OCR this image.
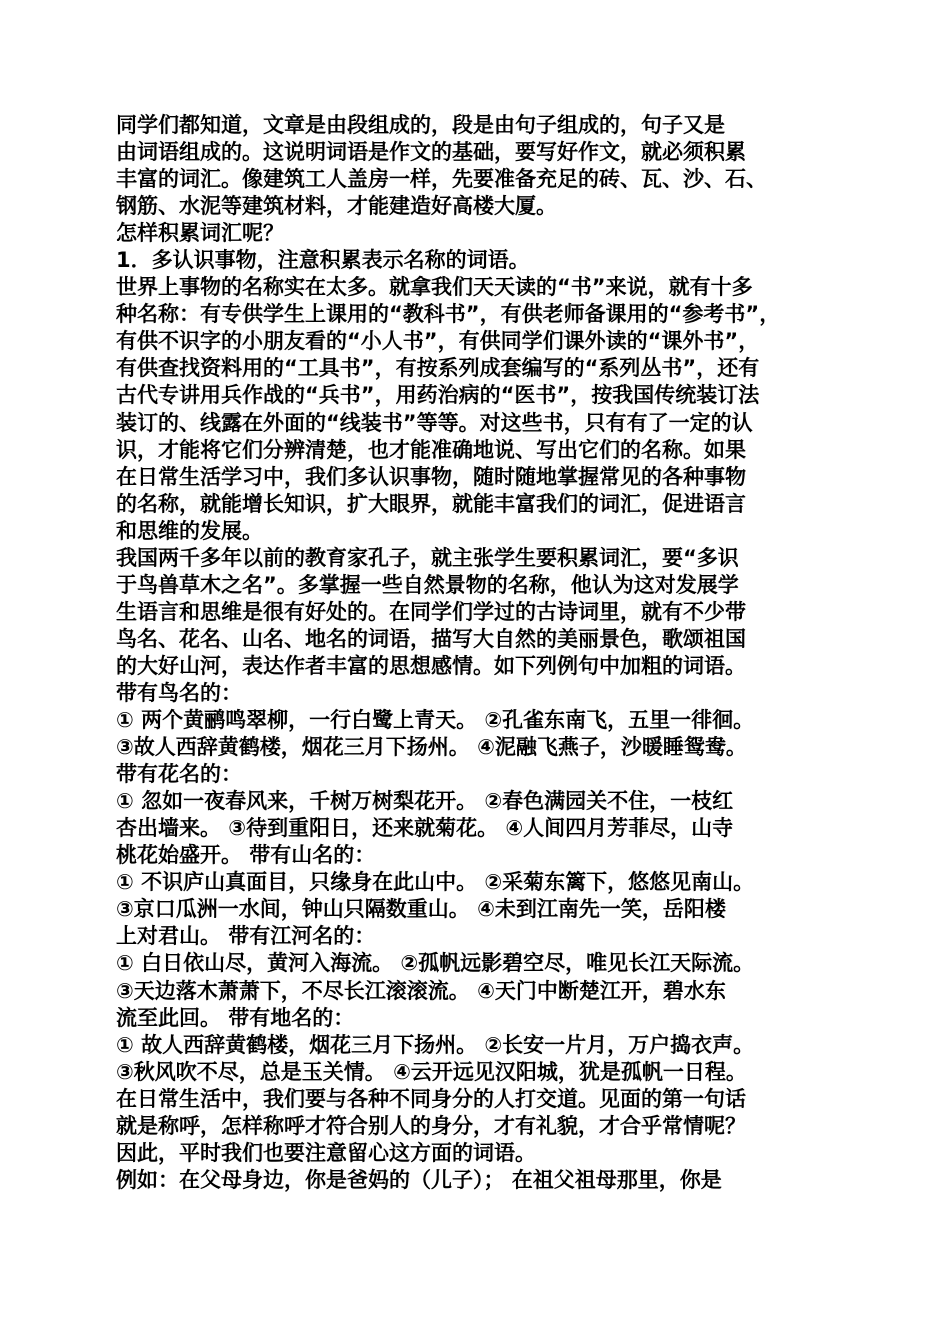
同学们都知道，文章是由段组成的，段是由句子组成的，句子又是
由词语组成的。这说明词语是作文的基础，要写好作文，就必须积累
丰富的词汇。像建筑工人盖房一样，先要准备充足的砖、瓦、沙、石、
钢筋、水泥等建筑材料，才能建造好高楼大厦。
怎样积累词汇呢？
1．多认识事物，注意积累表示名称的词语。
世界上事物的名称实在太多。就拿我们天天读的“书”来说，就有十多
种名称：有专供学生上课用的“教科书”，有供老师备课用的“参考书”，
有供不识字的小朋友看的“小人书”，有供同学们课外读的“课外书”，
有供查找资料用的“工具书”，有按系列成套编写的“系列丛书”，还有
古代专讲用兵作战的“兵书”，用药治病的“医书”，按我国传统装订法
装订的、线露在外面的“线装书”等等。对这些书，只有有了一定的认
识，才能将它们分辨清楚，也才能准确地说、写出它们的名称。如果
在日常生活学习中，我们多认识事物，随时随地掌握常见的各种事物
的名称，就能增长知识，扩大眼界，就能丰富我们的词汇，促进语言
和思维的发展。
我国两千多年以前的教育家孔子，就主张学生要积累词汇，要“多识
于鸟兽草木之名”。多掌握一些自然景物的名称，他认为这对发展学
生语言和思维是很有好处的。在同学们学过的古诗词里，就有不少带
鸟名、花名、山名、地名的词语，描写大自然的美丽景色，歌颂祖国
的大好山河，表达作者丰富的思想感情。如下列例句中加粗的词语。
带有鸟名的：
① 两个黄鹂鸣翠柳，一行白鹭上青天。 ②孔雀东南飞，五里一徘徊。
③故人西辞黄鹤楼，烟花三月下扬州。 ④泥融飞燕子，沙暖睡鸳鸯。
带有花名的：
① 忽如一夜春风来，千树万树梨花开。 ②春色满园关不住，一枝红
杏出墙来。 ③待到重阳日，还来就菊花。 ④人间四月芳菲尽，山寺
桃花始盛开。 带有山名的：
① 不识庐山真面目，只缘身在此山中。 ②采菊东篱下，悠悠见南山。
③京口瓜洲一水间，钟山只隔数重山。 ④未到江南先一笑，岳阳楼
上对君山。 带有江河名的：
① 白日依山尽，黄河入海流。 ②孤帆远影碧空尽，唯见长江天际流。
③天边落木萧萧下，不尽长江滚滚流。 ④天门中断楚江开，碧水东
流至此回。 带有地名的：
① 故人西辞黄鹤楼，烟花三月下扬州。 ②长安一片月，万户捣衣声。
③秋风吹不尽，总是玉关情。 ④云开远见汉阳城，犹是孤帆一日程。
在日常生活中，我们要与各种不同身分的人打交道。见面的第一句话
就是称呼，怎样称呼才符合别人的身分，才有礼貌，才合乎常情呢？
因此，平时我们也要注意留心这方面的词语。
例如：在父母身边，你是爸妈的（儿子）； 在祖父祖母那里，你是
